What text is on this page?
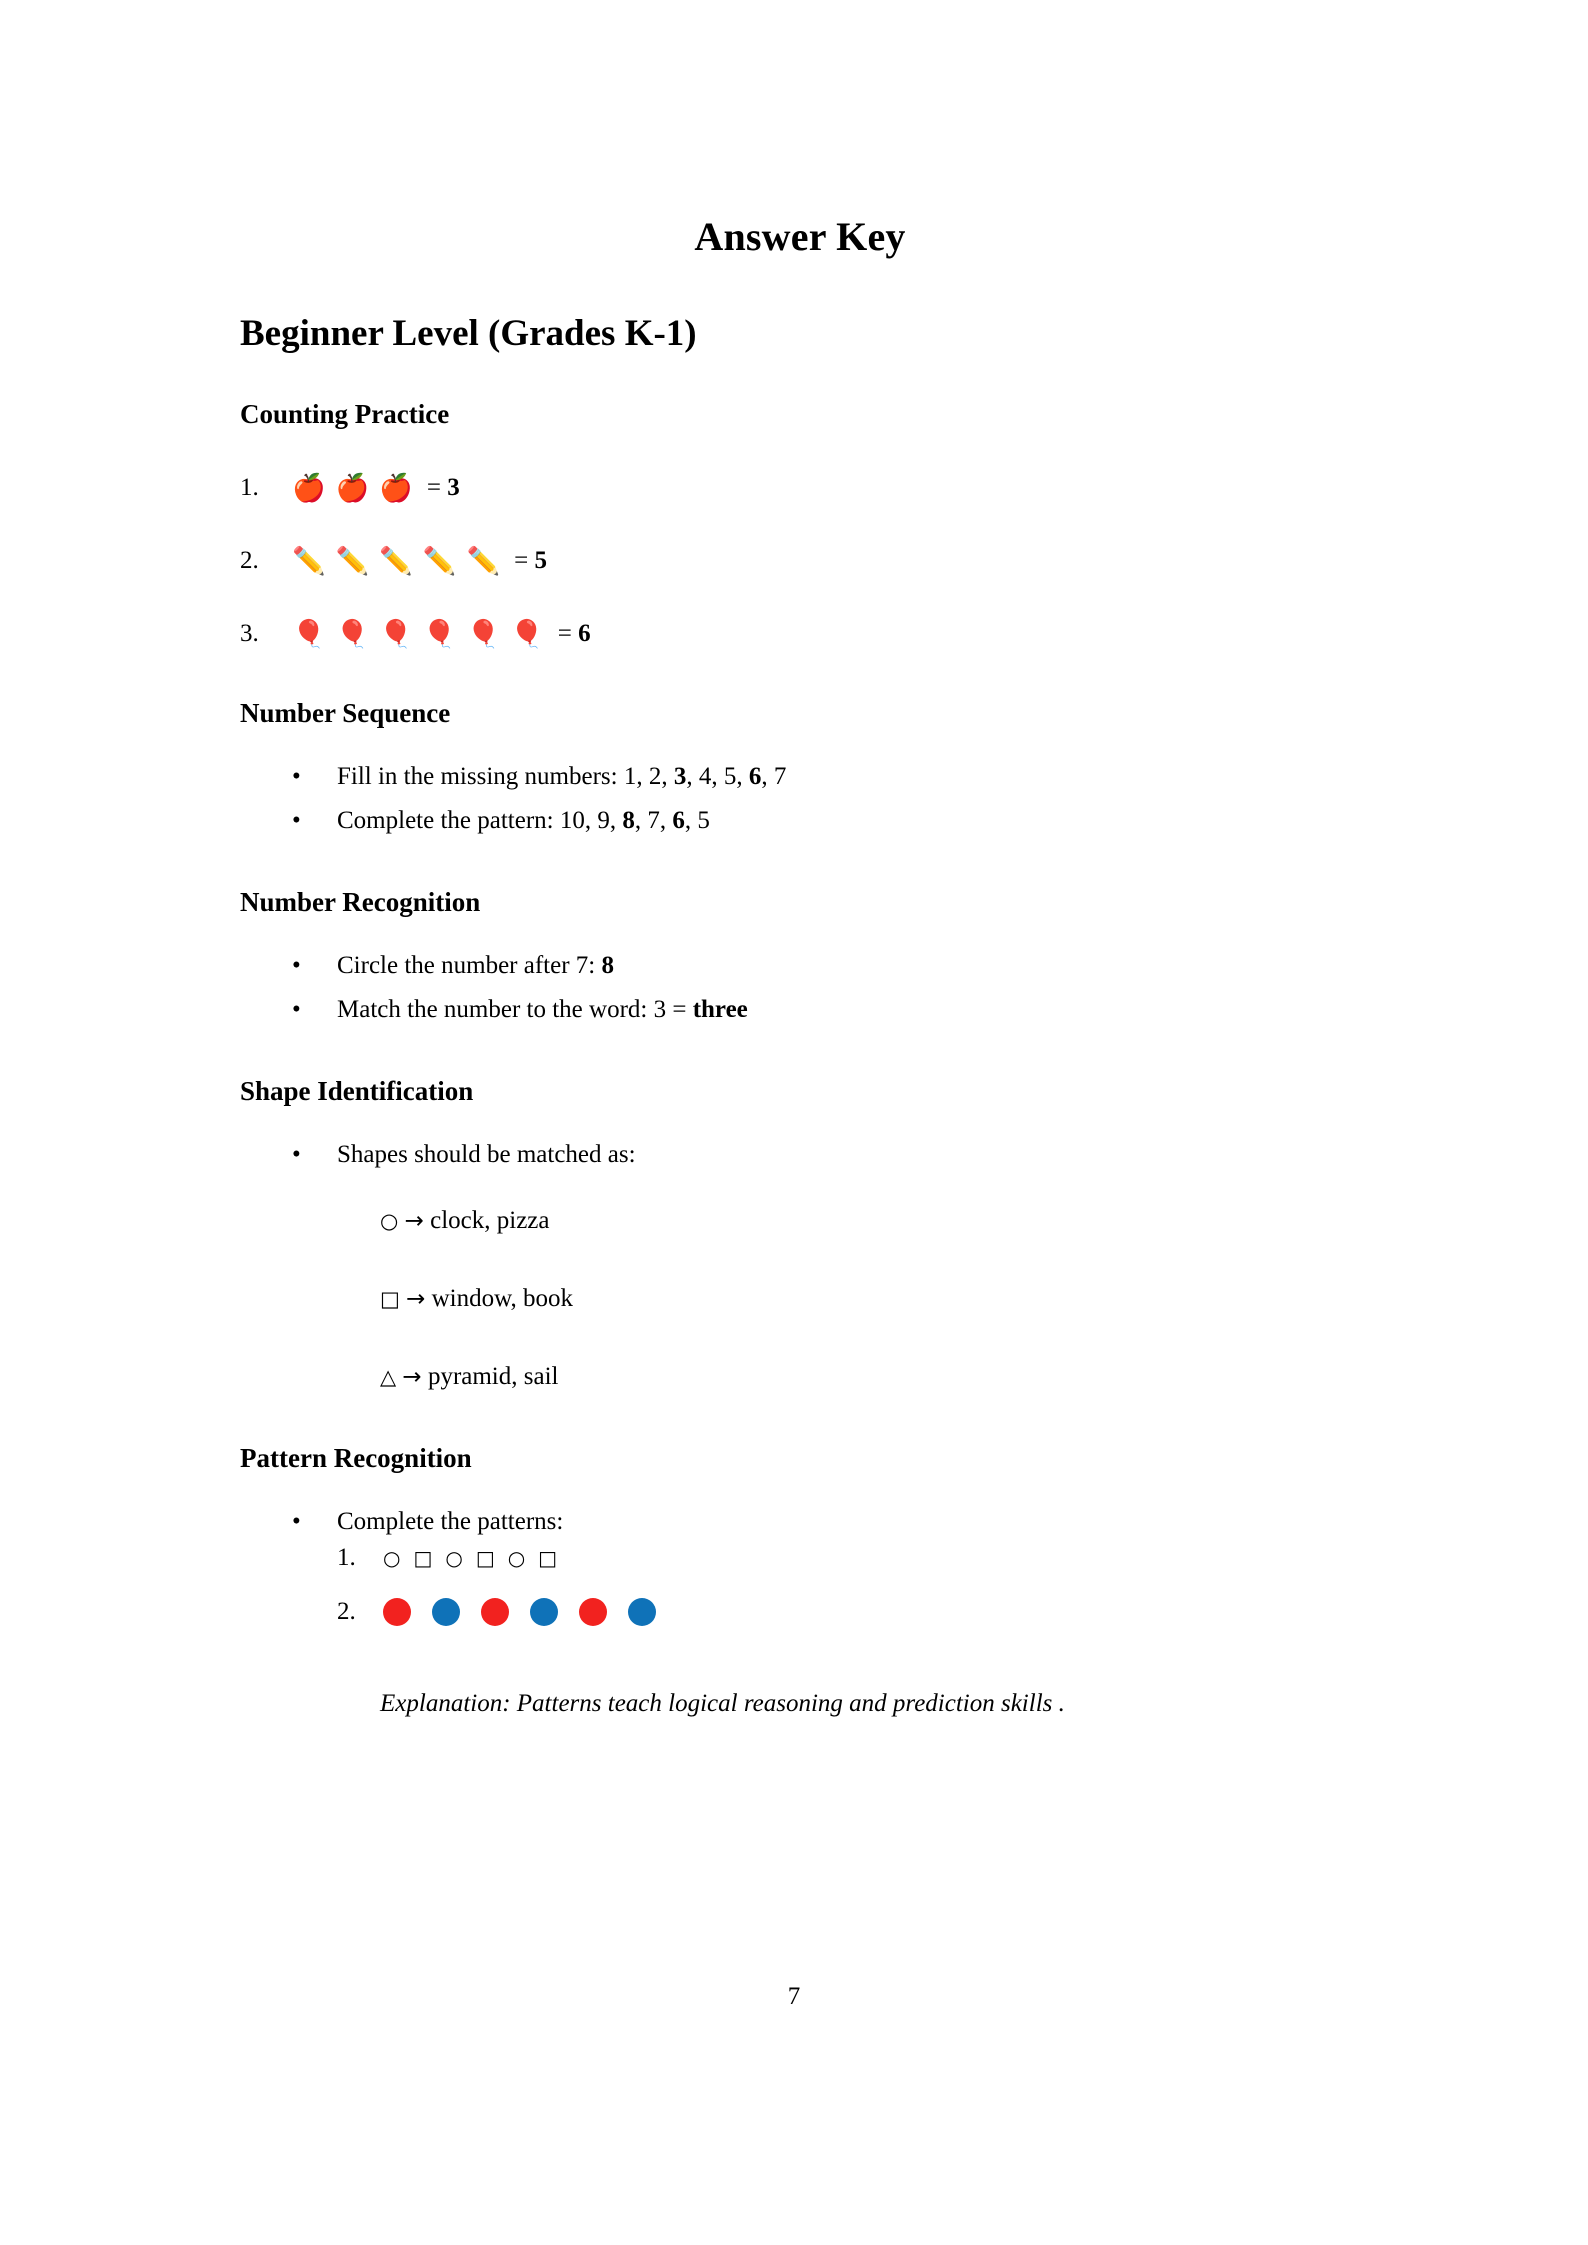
Answer Key
Beginner Level (Grades K-1)
Counting Practice
1.	🍎 🍎 🍎 = 3
2.	✏️ ✏️ ✏️ ✏️ ✏️ = 5
3.	🎈 🎈 🎈 🎈 🎈 🎈 = 6
Number Sequence
• Fill in the missing numbers: 1, 2, 3, 4, 5, 6, 7
• Complete the pattern: 10, 9, 8, 7, 6, 5
Number Recognition
• Circle the number after 7: 8
• Match the number to the word: 3 = three
Shape Identification
• Shapes should be matched as:
○ → clock, pizza
□ → window, book
△ → pyramid, sail
Pattern Recognition
• Complete the patterns:
1.	○ □ ○ □ ○ □
2.
Explanation: Patterns teach logical reasoning and prediction skills .
7
